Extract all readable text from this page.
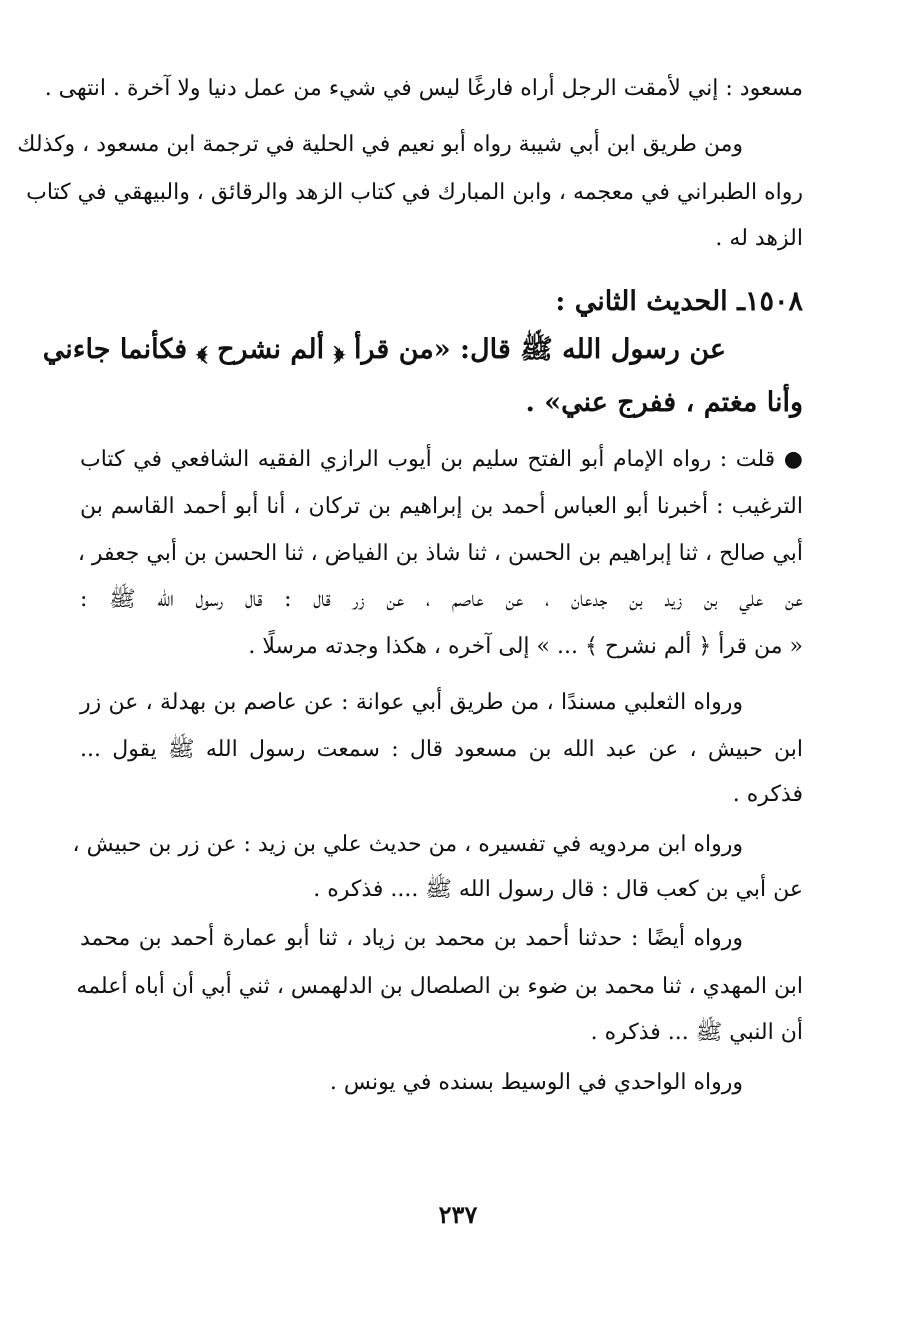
مسعود : إني لأمقت الرجل أراه فارغًا ليس في شيء من عمل دنيا ولا آخرة . انتهى .
ومن طريق ابن أبي شيبة رواه أبو نعيم في الحلية في ترجمة ابن مسعود ، وكذلك
رواه الطبراني في معجمه ، وابن المبارك في كتاب الزهد والرقائق ، والبيهقي في كتاب
الزهد له .
١٥٠٨ـ الحديث الثاني :
عن رسول الله ﷺ قال: «من قرأ ﴿ ألم نشرح ﴾ فكأنما جاءني
وأنا مغتم ، ففرج عني» .
● قلت : رواه الإمام أبو الفتح سليم بن أيوب الرازي الفقيه الشافعي في كتاب
الترغيب : أخبرنا أبو العباس أحمد بن إبراهيم بن تركان ، أنا أبو أحمد القاسم بن
أبي صالح ، ثنا إبراهيم بن الحسن ، ثنا شاذ بن الفياض ، ثنا الحسن بن أبي جعفر ،
عن علي بن زيد بن جدعان ، عن عاصم ، عن زر قال : قال رسول الله ﷺ :
« من قرأ ﴿ ألم نشرح ﴾ ... » إلى آخره ، هكذا وجدته مرسلًا .
ورواه الثعلبي مسندًا ، من طريق أبي عوانة : عن عاصم بن بهدلة ، عن زر
ابن حبيش ، عن عبد الله بن مسعود قال : سمعت رسول الله ﷺ يقول ...
فذكره .
ورواه ابن مردويه في تفسيره ، من حديث علي بن زيد : عن زر بن حبيش ،
عن أبي بن كعب قال : قال رسول الله ﷺ .... فذكره .
ورواه أيضًا : حدثنا أحمد بن محمد بن زياد ، ثنا أبو عمارة أحمد بن محمد
ابن المهدي ، ثنا محمد بن ضوء بن الصلصال بن الدلهمس ، ثني أبي أن أباه أعلمه
أن النبي ﷺ ... فذكره .
ورواه الواحدي في الوسيط بسنده في يونس .
٢٣٧
